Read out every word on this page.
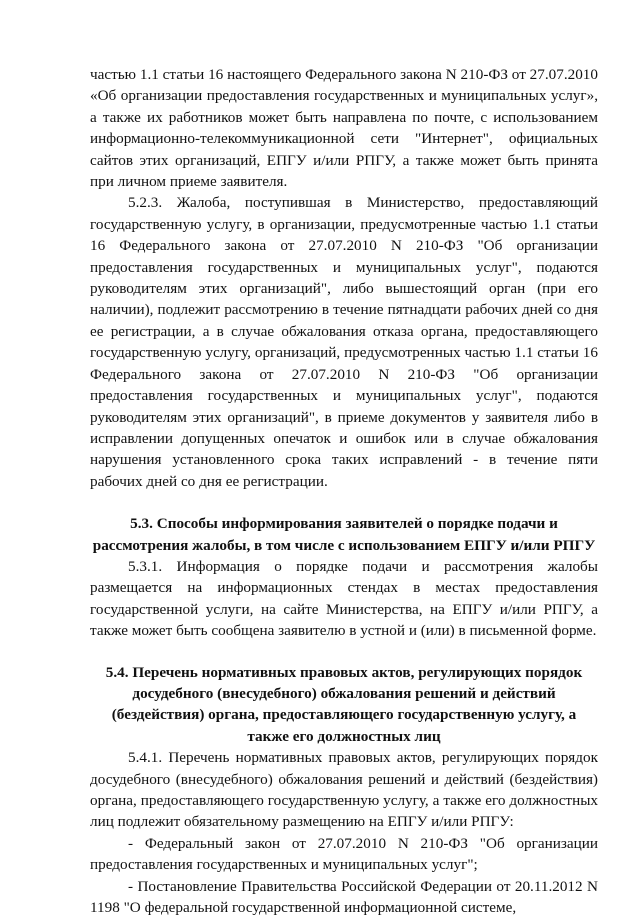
частью 1.1 статьи 16 настоящего Федерального закона N 210-ФЗ от 27.07.2010 «Об организации предоставления государственных и муниципальных услуг», а также их работников может быть направлена по почте, с использованием информационно-телекоммуникационной сети "Интернет", официальных сайтов этих организаций, ЕПГУ и/или РПГУ, а также может быть принята при личном приеме заявителя.

5.2.3. Жалоба, поступившая в Министерство, предоставляющий государственную услугу, в организации, предусмотренные частью 1.1 статьи 16 Федерального закона от 27.07.2010 N 210-ФЗ "Об организации предоставления государственных и муниципальных услуг", подаются руководителям этих организаций", либо вышестоящий орган (при его наличии), подлежит рассмотрению в течение пятнадцати рабочих дней со дня ее регистрации, а в случае обжалования отказа органа, предоставляющего государственную услугу, организаций, предусмотренных частью 1.1 статьи 16 Федерального закона от 27.07.2010 N 210-ФЗ "Об организации предоставления государственных и муниципальных услуг", подаются руководителям этих организаций", в приеме документов у заявителя либо в исправлении допущенных опечаток и ошибок или в случае обжалования нарушения установленного срока таких исправлений - в течение пяти рабочих дней со дня ее регистрации.

5.3. Способы информирования заявителей о порядке подачи и рассмотрения жалобы, в том числе с использованием ЕПГУ и/или РПГУ

5.3.1. Информация о порядке подачи и рассмотрения жалобы размещается на информационных стендах в местах предоставления государственной услуги, на сайте Министерства, на ЕПГУ и/или РПГУ, а также может быть сообщена заявителю в устной и (или) в письменной форме.

5.4. Перечень нормативных правовых актов, регулирующих порядок досудебного (внесудебного) обжалования решений и действий (бездействия) органа, предоставляющего государственную услугу, а также его должностных лиц

5.4.1. Перечень нормативных правовых актов, регулирующих порядок досудебного (внесудебного) обжалования решений и действий (бездействия) органа, предоставляющего государственную услугу, а также его должностных лиц подлежит обязательному размещению на ЕПГУ и/или РПГУ:

- Федеральный закон от 27.07.2010 N 210-ФЗ "Об организации предоставления государственных и муниципальных услуг";

- Постановление Правительства Российской Федерации от 20.11.2012 N 1198 "О федеральной государственной информационной системе,
